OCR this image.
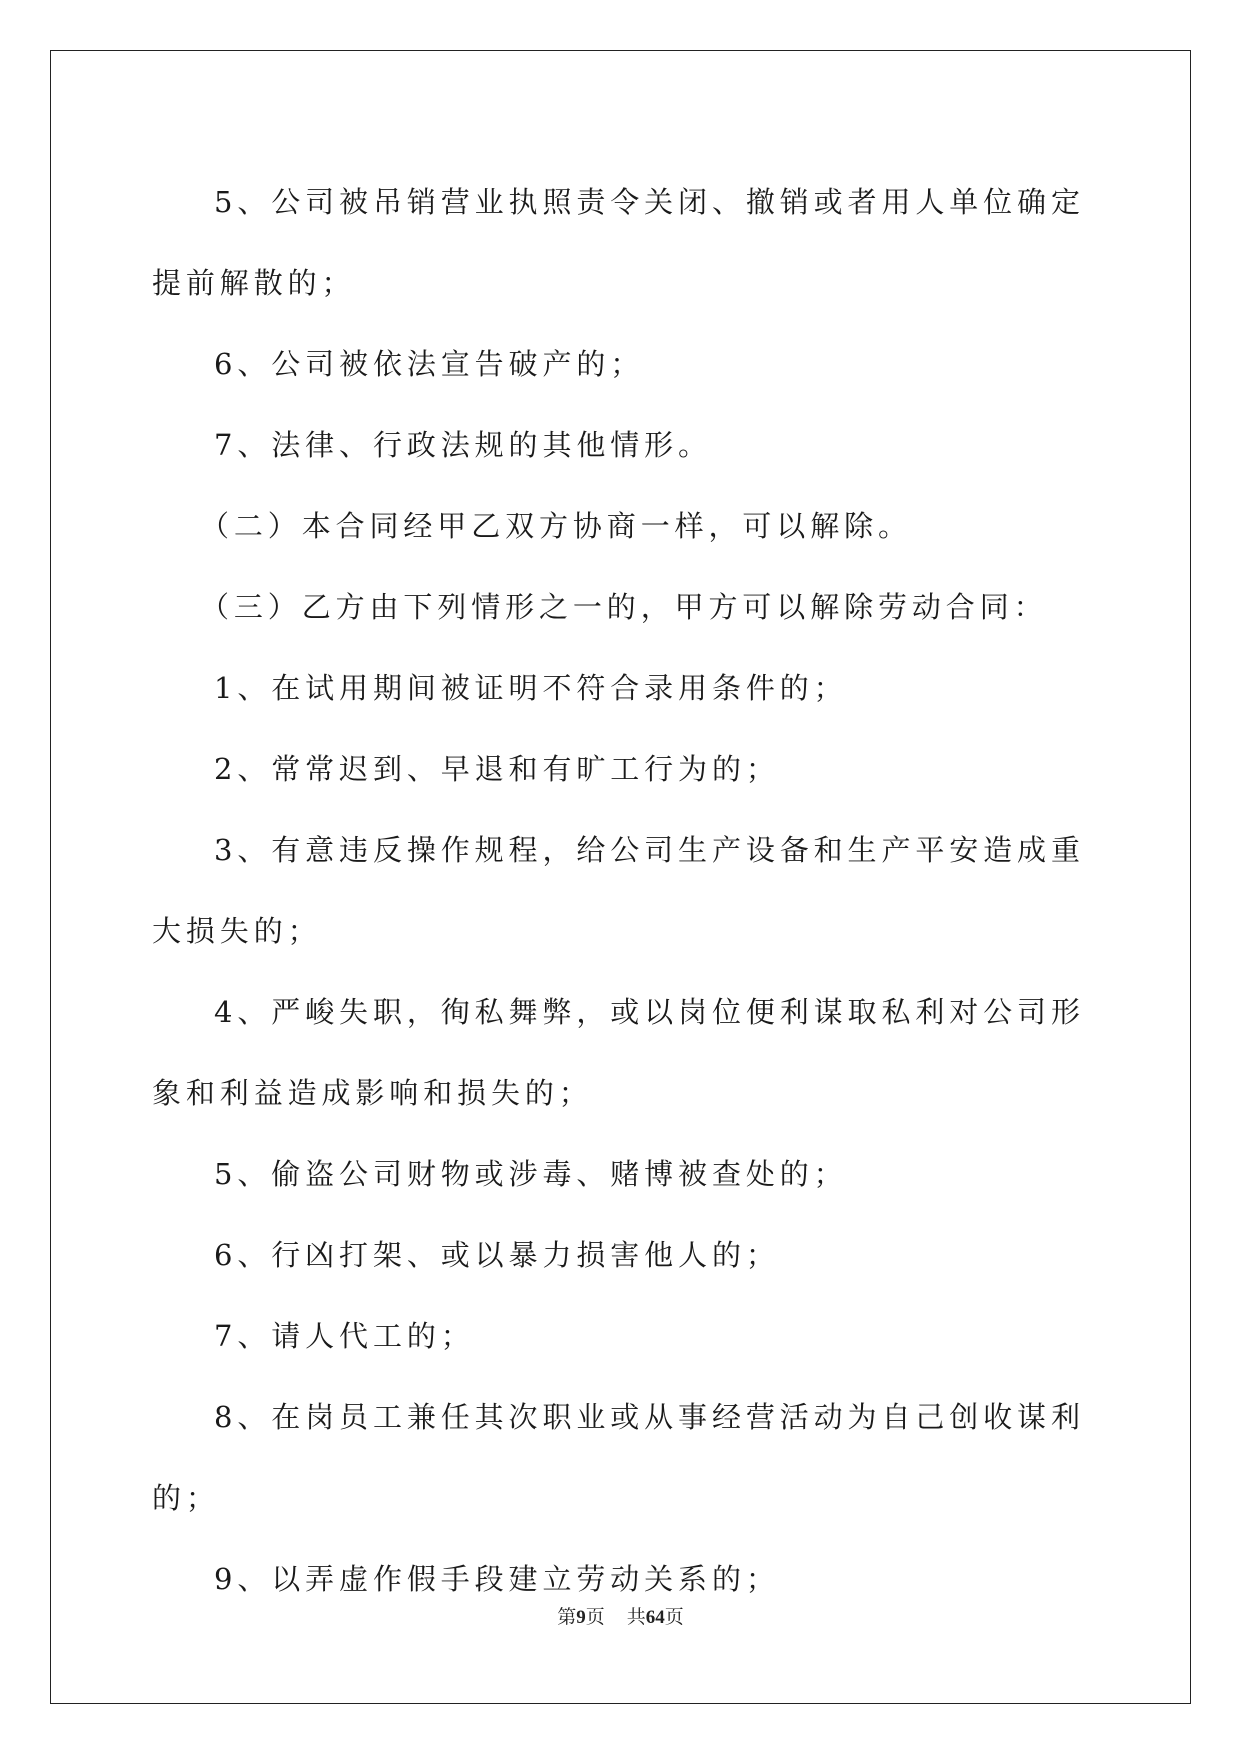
5、公司被吊销营业执照责令关闭、撤销或者用人单位确定提前解散的；

6、公司被依法宣告破产的；

7、法律、行政法规的其他情形。

（二）本合同经甲乙双方协商一样，可以解除。

（三）乙方由下列情形之一的，甲方可以解除劳动合同：

1、在试用期间被证明不符合录用条件的；

2、常常迟到、早退和有旷工行为的；

3、有意违反操作规程，给公司生产设备和生产平安造成重大损失的；

4、严峻失职，徇私舞弊，或以岗位便利谋取私利对公司形象和利益造成影响和损失的；

5、偷盗公司财物或涉毒、赌博被查处的；

6、行凶打架、或以暴力损害他人的；

7、请人代工的；

8、在岗员工兼任其次职业或从事经营活动为自己创收谋利的；

9、以弄虚作假手段建立劳动关系的；

第9页 共64页
